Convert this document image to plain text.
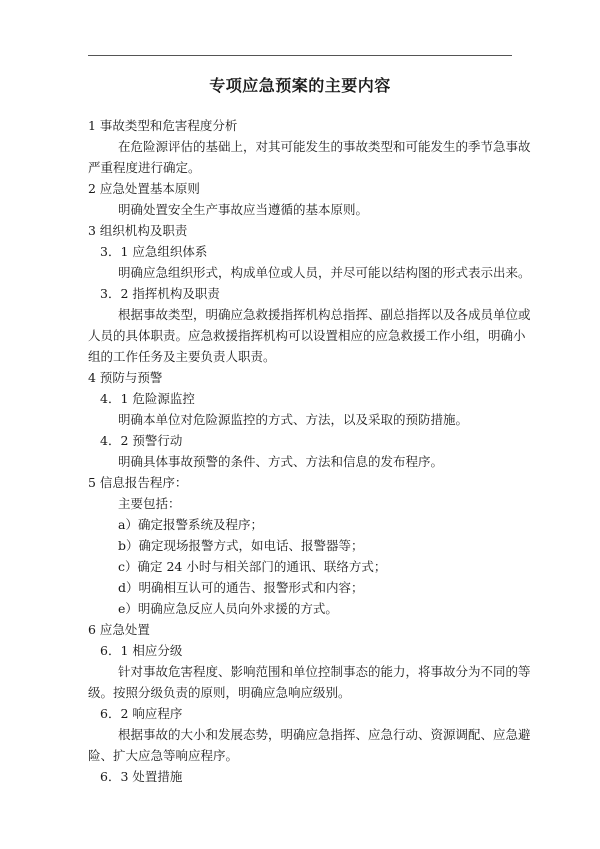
专项应急预案的主要内容
1 事故类型和危害程度分析
在危险源评估的基础上，对其可能发生的事故类型和可能发生的季节急事故
严重程度进行确定。
2 应急处置基本原则
明确处置安全生产事故应当遵循的基本原则。
3 组织机构及职责
3．1 应急组织体系
明确应急组织形式，构成单位或人员，并尽可能以结构图的形式表示出来。
3．2 指挥机构及职责
根据事故类型，明确应急救援指挥机构总指挥、副总指挥以及各成员单位或
人员的具体职责。应急救援指挥机构可以设置相应的应急救援工作小组，明确小
组的工作任务及主要负责人职责。
4 预防与预警
4．1 危险源监控
明确本单位对危险源监控的方式、方法，以及采取的预防措施。
4．2 预警行动
明确具体事故预警的条件、方式、方法和信息的发布程序。
5 信息报告程序：
主要包括：
a）确定报警系统及程序；
b）确定现场报警方式，如电话、报警器等；
c）确定 24 小时与相关部门的通讯、联络方式；
d）明确相互认可的通告、报警形式和内容；
e）明确应急反应人员向外求援的方式。
6 应急处置
6．1 相应分级
针对事故危害程度、影响范围和单位控制事态的能力，将事故分为不同的等
级。按照分级负责的原则，明确应急响应级别。
6．2 响应程序
根据事故的大小和发展态势，明确应急指挥、应急行动、资源调配、应急避
险、扩大应急等响应程序。
6．3 处置措施
